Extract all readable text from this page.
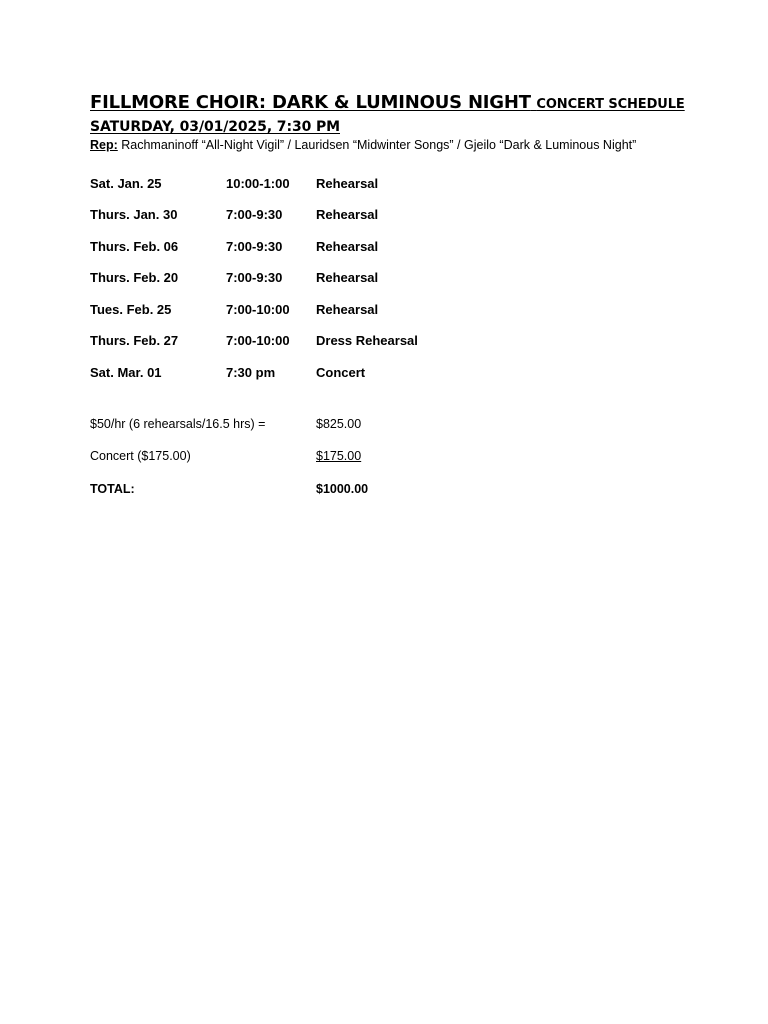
FILLMORE CHOIR: DARK & LUMINOUS NIGHT CONCERT SCHEDULE
SATURDAY, 03/01/2025, 7:30 PM
Rep: Rachmaninoff “All-Night Vigil” / Lauridsen “Midwinter Songs” / Gjeilo “Dark & Luminous Night”
Sat. Jan. 25	10:00-1:00 Rehearsal
Thurs. Jan. 30	7:00-9:30	Rehearsal
Thurs. Feb. 06	7:00-9:30	Rehearsal
Thurs. Feb. 20	7:00-9:30	Rehearsal
Tues. Feb. 25	7:00-10:00 Rehearsal
Thurs. Feb. 27	7:00-10:00 Dress Rehearsal
Sat. Mar. 01	7:30 pm	Concert
$50/hr (6 rehearsals/16.5 hrs) =	$825.00
Concert ($175.00)	$175.00
TOTAL:	$1000.00
